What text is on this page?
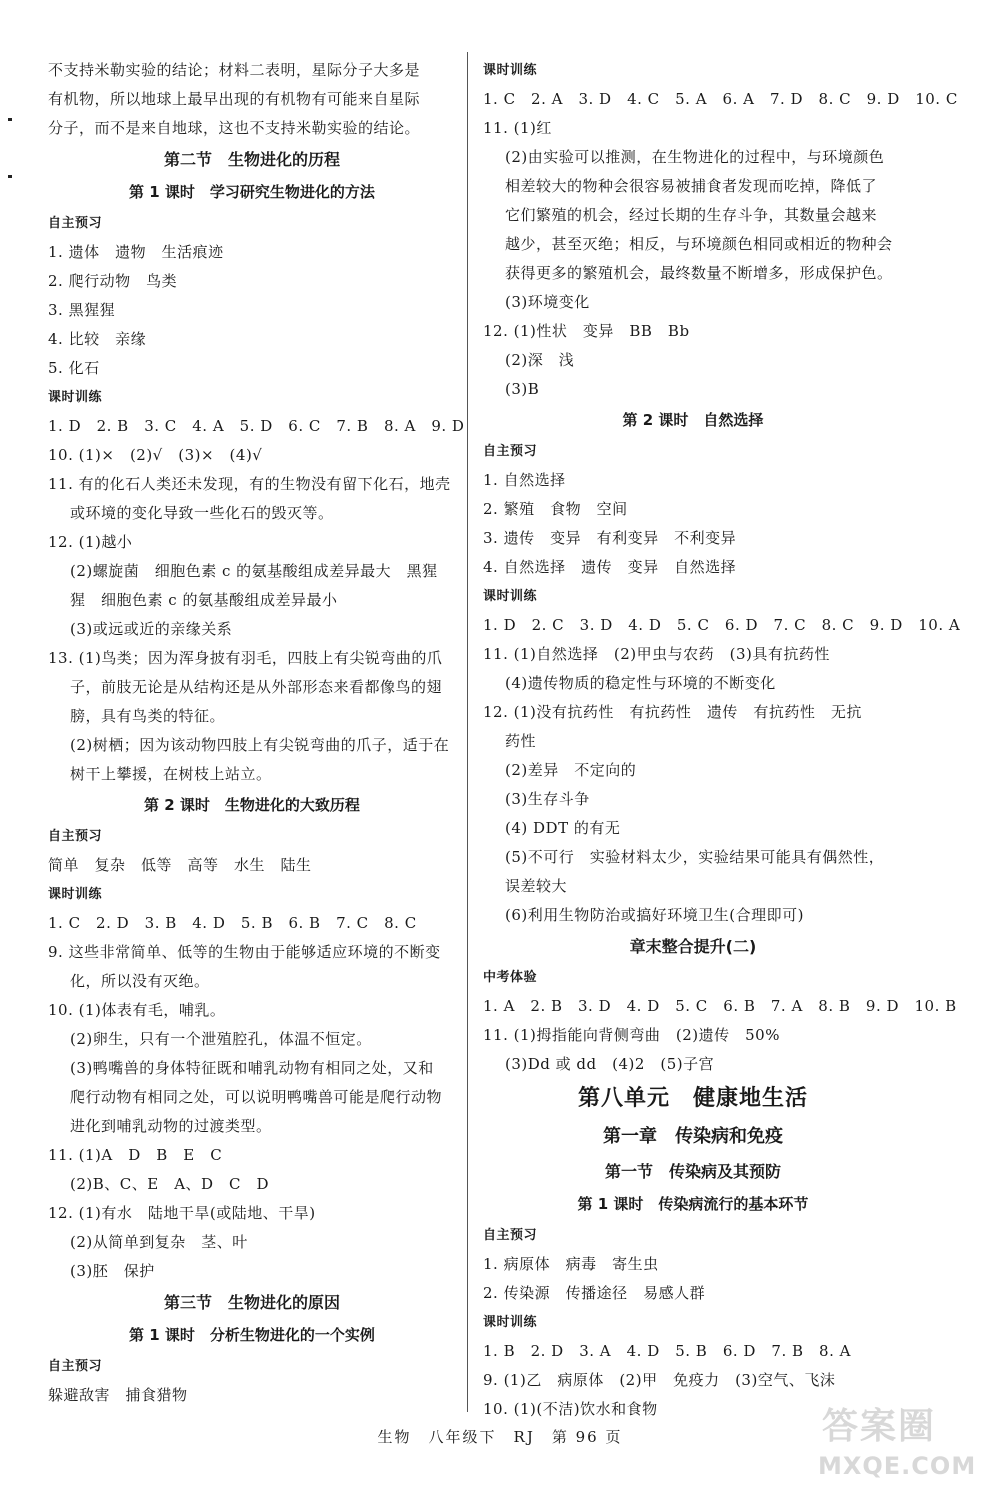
不支持米勒实验的结论；材料二表明，星际分子大多是
有机物，所以地球上最早出现的有机物有可能来自星际
分子，而不是来自地球，这也不支持米勒实验的结论。
第二节　生物进化的历程
第 1 课时　学习研究生物进化的方法
自主预习
1. 遗体　遗物　生活痕迹
2. 爬行动物　鸟类
3. 黑猩猩
4. 比较　亲缘
5. 化石
课时训练
1. D　2. B　3. C　4. A　5. D　6. C　7. B　8. A　9. D
10. (1)×　(2)√　(3)×　(4)√
11. 有的化石人类还未发现，有的生物没有留下化石，地壳
或环境的变化导致一些化石的毁灭等。
12. (1)越小
(2)螺旋菌　细胞色素 c 的氨基酸组成差异最大　黑猩
猩　细胞色素 c 的氨基酸组成差异最小
(3)或远或近的亲缘关系
13. (1)鸟类；因为浑身披有羽毛，四肢上有尖锐弯曲的爪
子，前肢无论是从结构还是从外部形态来看都像鸟的翅
膀，具有鸟类的特征。
(2)树栖；因为该动物四肢上有尖锐弯曲的爪子，适于在
树干上攀援，在树枝上站立。
第 2 课时　生物进化的大致历程
自主预习
简单　复杂　低等　高等　水生　陆生
课时训练
1. C　2. D　3. B　4. D　5. B　6. B　7. C　8. C
9. 这些非常简单、低等的生物由于能够适应环境的不断变
化，所以没有灭绝。
10. (1)体表有毛，哺乳。
(2)卵生，只有一个泄殖腔孔，体温不恒定。
(3)鸭嘴兽的身体特征既和哺乳动物有相同之处，又和
爬行动物有相同之处，可以说明鸭嘴兽可能是爬行动物
进化到哺乳动物的过渡类型。
11. (1)A　D　B　E　C
(2)B、C、E　A、D　C　D
12. (1)有水　陆地干旱(或陆地、干旱)
(2)从简单到复杂　茎、叶
(3)胚　保护
第三节　生物进化的原因
第 1 课时　分析生物进化的一个实例
自主预习
躲避敌害　捕食猎物
课时训练
1. C　2. A　3. D　4. C　5. A　6. A　7. D　8. C　9. D　10. C
11. (1)红
(2)由实验可以推测，在生物进化的过程中，与环境颜色
相差较大的物种会很容易被捕食者发现而吃掉，降低了
它们繁殖的机会，经过长期的生存斗争，其数量会越来
越少，甚至灭绝；相反，与环境颜色相同或相近的物种会
获得更多的繁殖机会，最终数量不断增多，形成保护色。
(3)环境变化
12. (1)性状　变异　BB　Bb
(2)深　浅
(3)B
第 2 课时　自然选择
自主预习
1. 自然选择
2. 繁殖　食物　空间
3. 遗传　变异　有利变异　不利变异
4. 自然选择　遗传　变异　自然选择
课时训练
1. D　2. C　3. D　4. D　5. C　6. D　7. C　8. C　9. D　10. A
11. (1)自然选择　(2)甲虫与农药　(3)具有抗药性
(4)遗传物质的稳定性与环境的不断变化
12. (1)没有抗药性　有抗药性　遗传　有抗药性　无抗
药性
(2)差异　不定向的
(3)生存斗争
(4) DDT 的有无
(5)不可行　实验材料太少，实验结果可能具有偶然性，
误差较大
(6)利用生物防治或搞好环境卫生(合理即可)
章末整合提升(二)
中考体验
1. A　2. B　3. D　4. D　5. C　6. B　7. A　8. B　9. D　10. B
11. (1)拇指能向背侧弯曲　(2)遗传　50%
(3)Dd 或 dd　(4)2　(5)子宫
第八单元　健康地生活
第一章　传染病和免疫
第一节　传染病及其预防
第 1 课时　传染病流行的基本环节
自主预习
1. 病原体　病毒　寄生虫
2. 传染源　传播途径　易感人群
课时训练
1. B　2. D　3. A　4. D　5. B　6. D　7. B　8. A
9. (1)乙　病原体　(2)甲　免疫力　(3)空气、飞沫
10. (1)(不洁)饮水和食物
生物　八年级下　RJ　第 96 页	答案圈
MXQE.COM
